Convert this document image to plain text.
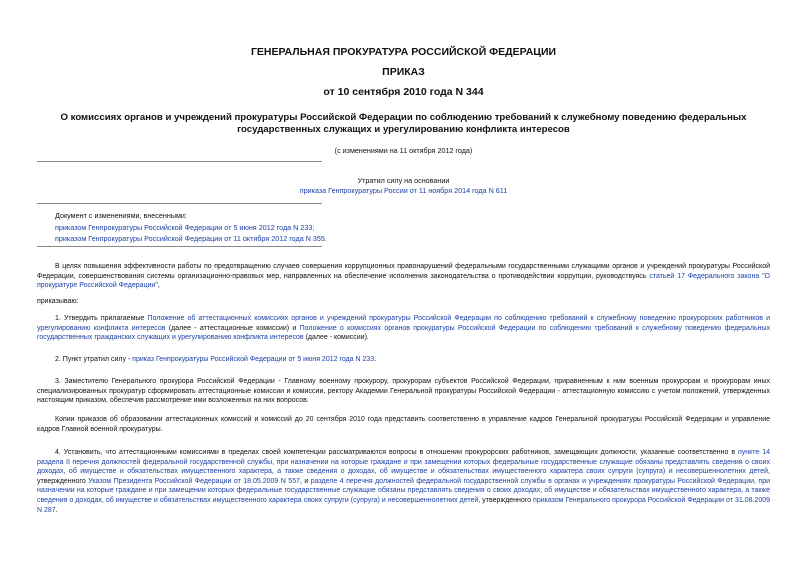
ГЕНЕРАЛЬНАЯ ПРОКУРАТУРА РОССИЙСКОЙ ФЕДЕРАЦИИ
ПРИКАЗ
от 10 сентября 2010 года N 344
О комиссиях органов и учреждений прокуратуры Российской Федерации по соблюдению требований к служебному поведению федеральных государственных служащих и урегулированию конфликта интересов
(с изменениями на 11 октября 2012 года)
Утратил силу на основании
приказа Генпрокуратуры России от 11 ноября 2014 года N 611
Документ с изменениями, внесенными:
приказом Генпрокуратуры Российской Федерации от 5 июня 2012 года N 233;
приказом Генпрокуратуры Российской Федерации от 11 октября 2012 года N 355.
В целях повышения эффективности работы по предотвращению случаев совершения коррупционных правонарушений федеральными государственными служащими органов и учреждений прокуратуры Российской Федерации, совершенствования системы организационно-правовых мер, направленных на обеспечение исполнения законодательства о противодействии коррупции, руководствуясь статьей 17 Федерального закона "О прокуратуре Российской Федерации",
приказываю:
1. Утвердить прилагаемые Положение об аттестационных комиссиях органов и учреждений прокуратуры Российской Федерации по соблюдению требований к служебному поведению прокурорских работников и урегулированию конфликта интересов (далее - аттестационные комиссии) и Положение о комиссиях органов прокуратуры Российской Федерации по соблюдению требований к служебному поведению федеральных государственных гражданских служащих и урегулированию конфликта интересов (далее - комиссии).
2. Пункт утратил силу - приказ Генпрокуратуры Российской Федерации от 5 июня 2012 года N 233.
3. Заместителю Генерального прокурора Российской Федерации - Главному военному прокурору, прокурорам субъектов Российской Федерации, приравненным к ним военным прокурорам и прокурорам иных специализированных прокуратур сформировать аттестационные комиссии и комиссии, ректору Академии Генеральной прокуратуры Российской Федерации - аттестационную комиссию с учетом положений, утвержденных настоящим приказом, обеспечив рассмотрение ими возложенных на них вопросов.
Копии приказов об образовании аттестационных комиссий и комиссий до 20 сентября 2010 года представить соответственно в управление кадров Генеральной прокуратуры Российской Федерации и управление кадров Главной военной прокуратуры.
4. Установить, что аттестационными комиссиями в пределах своей компетенции рассматриваются вопросы в отношении прокурорских работников, замещающих должности, указанные соответственно в пункте 14 раздела II перечня должностей федеральной государственной службы, при назначении на которые граждане и при замещении которых федеральные государственные служащие обязаны представлять сведения о своих доходах, об имуществе и обязательствах имущественного характера, а также сведения о доходах, об имуществе и обязательствах имущественного характера своих супруги (супруга) и несовершеннолетних детей, утвержденного Указом Президента Российской Федерации от 18.05.2009 N 557, и разделе 4 перечня должностей федеральной государственной службы в органах и учреждениях прокуратуры Российской Федерации, при назначении на которые граждане и при замещении которых федеральные государственные служащие обязаны представлять сведения о своих доходах, об имуществе и обязательствах имущественного характера, а также сведения о доходах, об имуществе и обязательствах имущественного характера своих супруги (супруга) и несовершеннолетних детей, утвержденного приказом Генерального прокурора Российской Федерации от 31.08.2009 N 287.
